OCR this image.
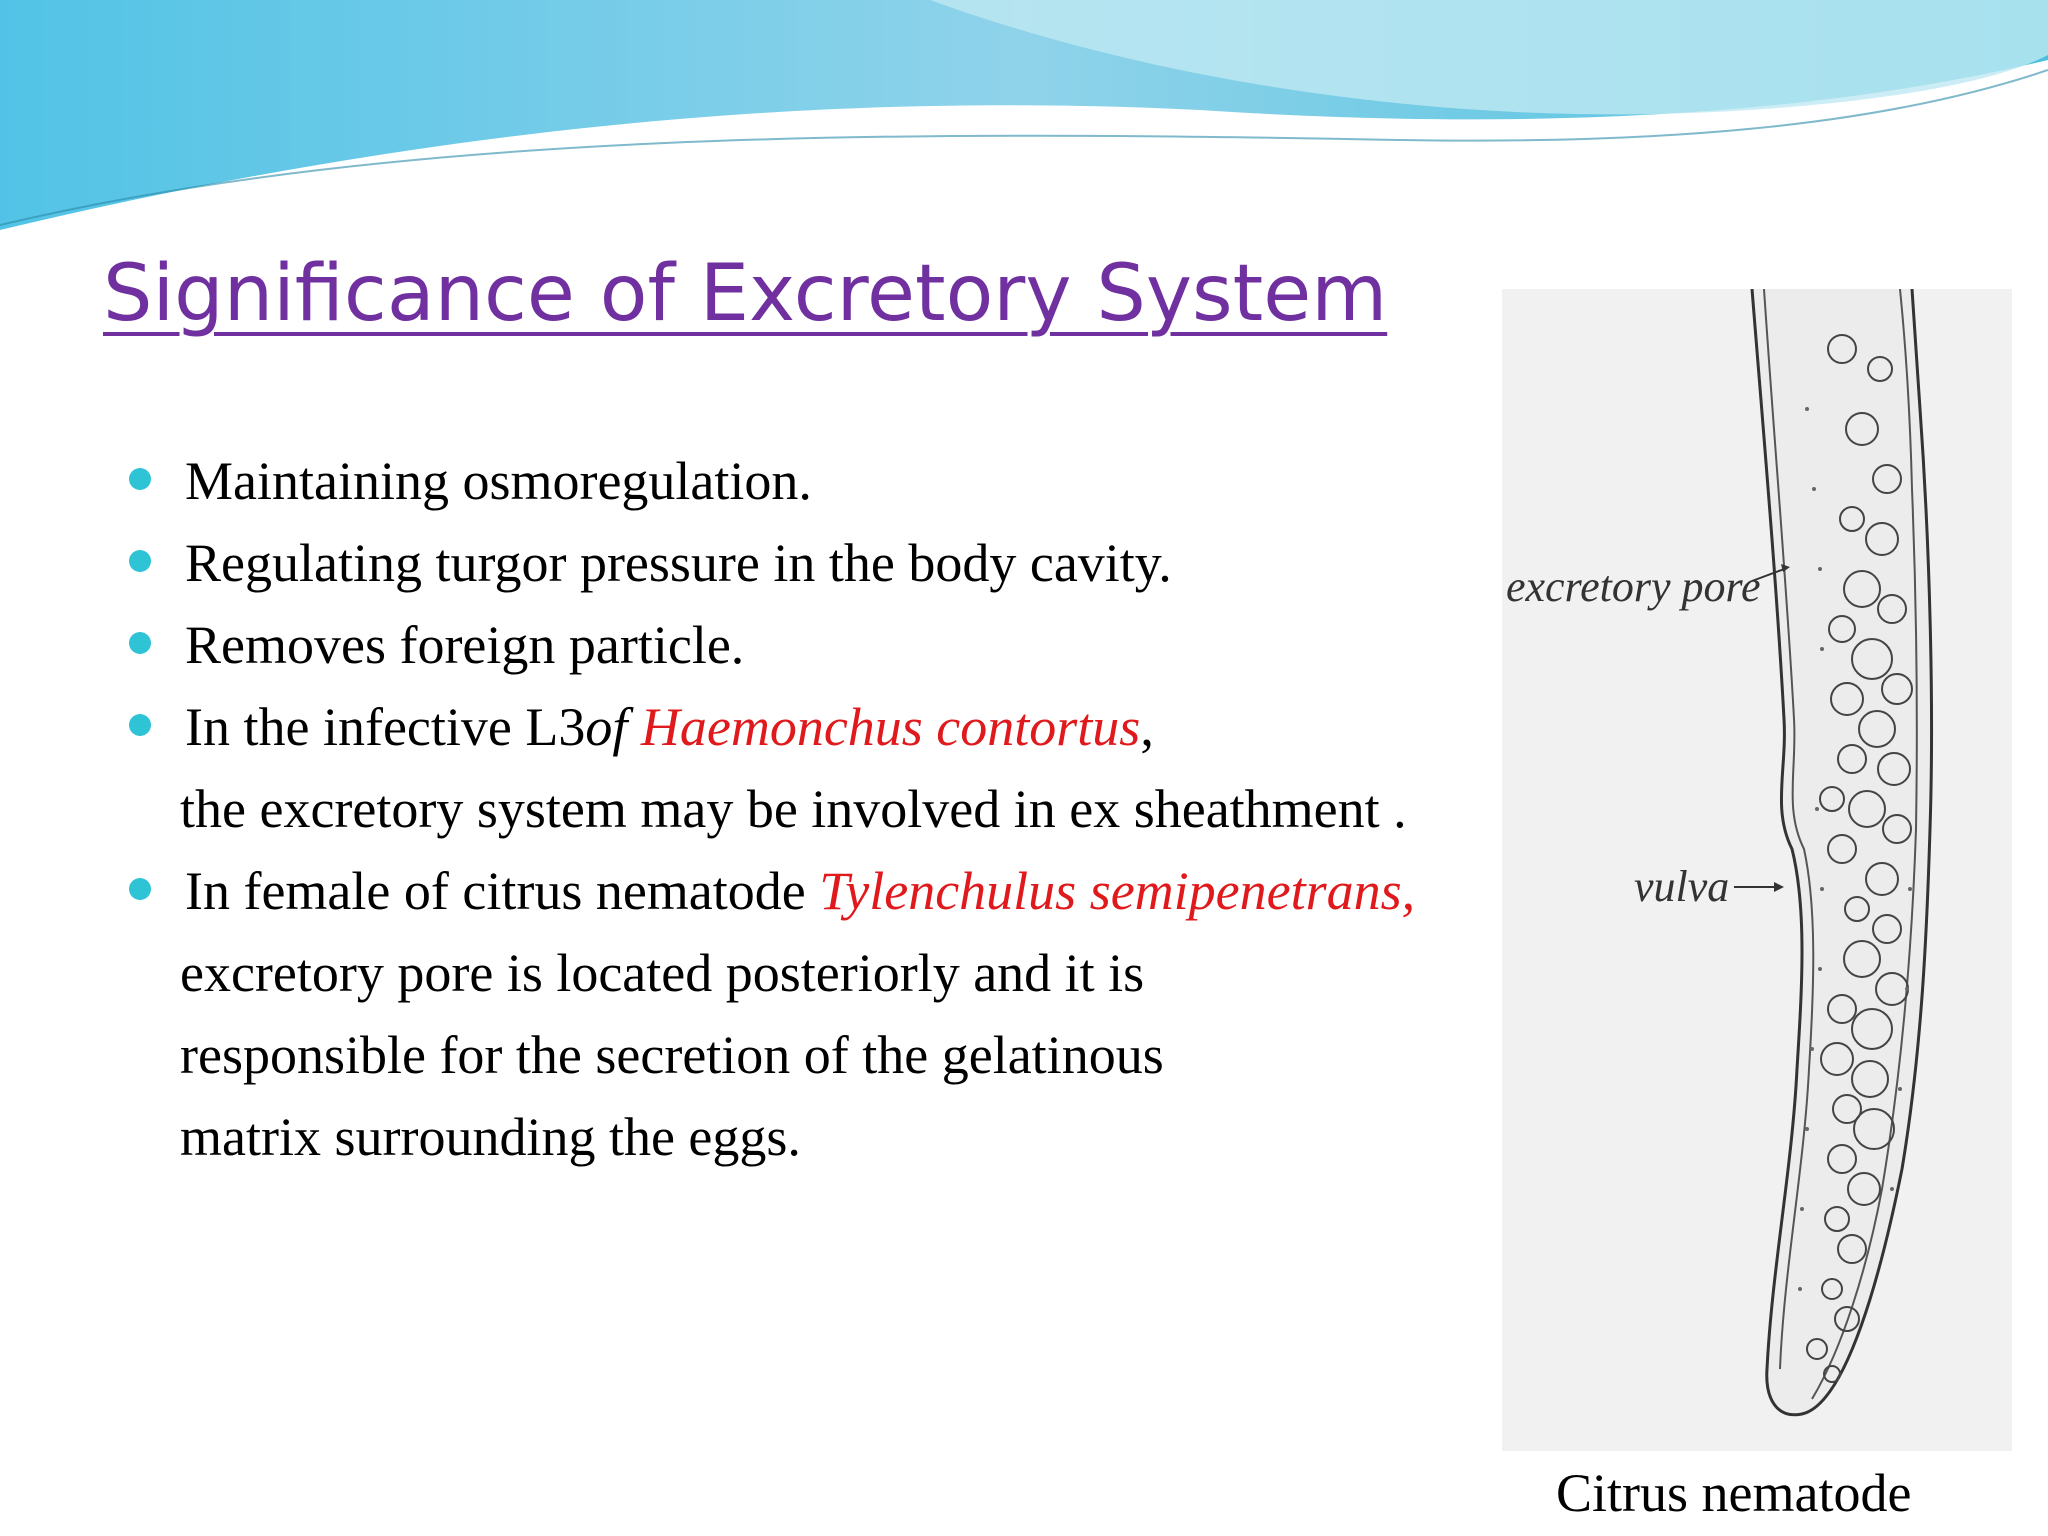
Significance of Excretory System
Maintaining osmoregulation.
Regulating turgor pressure in the body cavity.
Removes foreign particle.
In the infective L3of Haemonchus contortus,
the excretory system may be involved in ex sheathment .
In female of citrus nematode Tylenchulus semipenetrans,
excretory pore is located posteriorly and it is
responsible for the secretion of the gelatinous
matrix surrounding the eggs.
excretory pore
vulva
Citrus nematode
